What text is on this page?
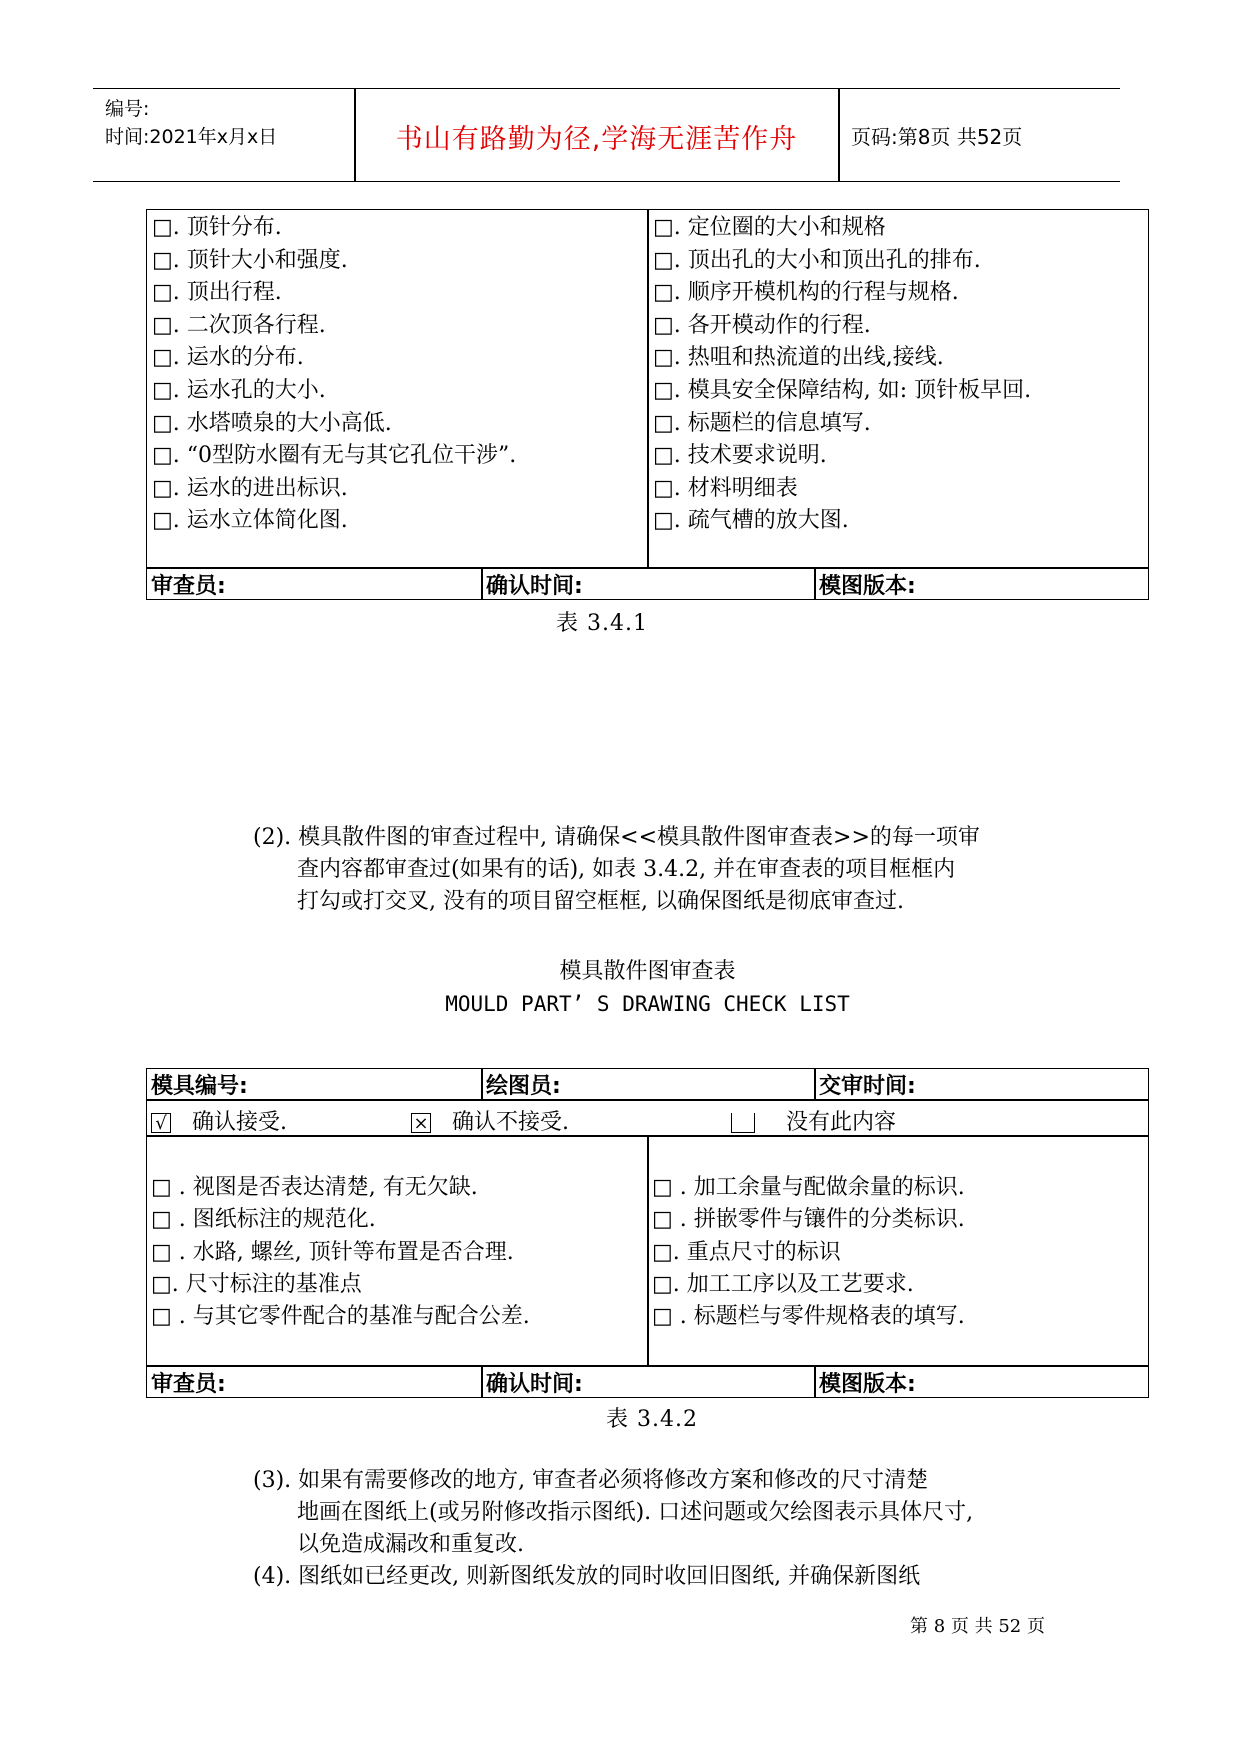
编号:
时间:2021年x月x日	书山有路勤为径,学海无涯苦作舟	页码:第8页 共52页
□. 顶针分布.
□. 顶针大小和强度.
□. 顶出行程.
□. 二次顶各行程.
□. 运水的分布.
□. 运水孔的大小.
□. 水塔喷泉的大小高低.
□. “0型防水圈有无与其它孔位干涉”.
□. 运水的进出标识.
□. 运水立体简化图.
□. 定位圈的大小和规格
□. 顶出孔的大小和顶出孔的排布.
□. 顺序开模机构的行程与规格.
□. 各开模动作的行程.
□. 热咀和热流道的出线,接线.
□. 模具安全保障结构, 如: 顶针板早回.
□. 标题栏的信息填写.
□. 技术要求说明.
□. 材料明细表
□. 疏气槽的放大图.
审查员:	确认时间:	模图版本:
表 3.4.1
(2). 模具散件图的审查过程中, 请确保<<模具散件图审查表>>的每一项审
查内容都审查过(如果有的话), 如表 3.4.2, 并在审查表的项目框框内
打勾或打交叉, 没有的项目留空框框, 以确保图纸是彻底审查过.
模具散件图审查表
MOULD PART’ S DRAWING CHECK LIST
模具编号:	绘图员:	交审时间:
√ 确认接受.	× 确认不接受.	没有此内容
□ . 视图是否表达清楚, 有无欠缺.
□ . 图纸标注的规范化.
□ . 水路, 螺丝, 顶针等布置是否合理.
□. 尺寸标注的基准点
□ . 与其它零件配合的基准与配合公差.
□ . 加工余量与配做余量的标识.
□ . 拼嵌零件与镶件的分类标识.
□. 重点尺寸的标识
□. 加工工序以及工艺要求.
□ . 标题栏与零件规格表的填写.
审查员:	确认时间:	模图版本:
表 3.4.2
(3). 如果有需要修改的地方, 审查者必须将修改方案和修改的尺寸清楚
地画在图纸上(或另附修改指示图纸). 口述问题或欠绘图表示具体尺寸,
以免造成漏改和重复改.
(4). 图纸如已经更改, 则新图纸发放的同时收回旧图纸, 并确保新图纸
第 8 页 共 52 页
